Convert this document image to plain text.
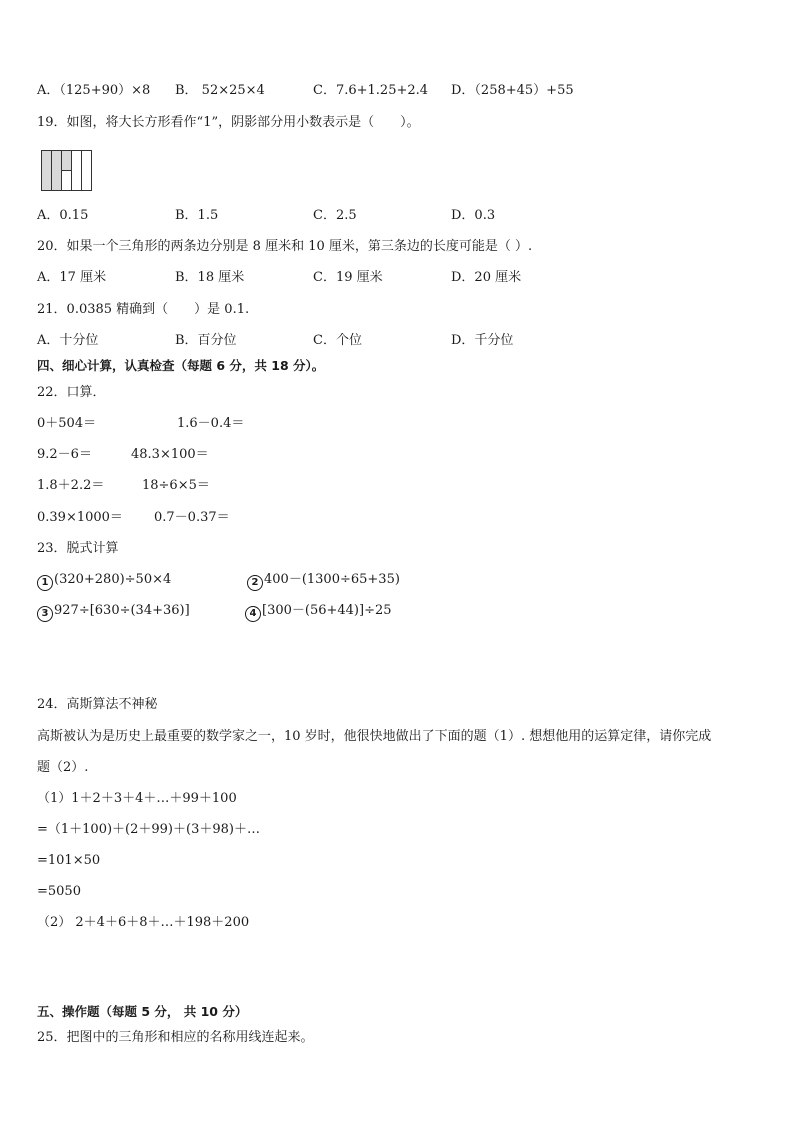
A．（125+90）×8 B． 52×25×4	C．7.6+1.25+2.4 D．（258+45）+55
19．如图，将大长方形看作“1”，阴影部分用小数表示是（　　）。
A．0.15	B．1.5	C．2.5	D．0.3
20．如果一个三角形的两条边分别是 8 厘米和 10 厘米，第三条边的长度可能是（ ）.
A．17 厘米	B．18 厘米	C．19 厘米	D．20 厘米
21．0.0385 精确到（　　）是 0.1.
A．十分位	B．百分位	C．个位	D．千分位
四、细心计算，认真检查（每题 6 分，共 18 分）。
22．口算．
0＋504＝	1.6－0.4＝
9.2－6＝	48.3×100＝
1.8＋2.2＝	18÷6×5＝
0.39×1000＝ 0.7－0.37＝
23．脱式计算
1 (320+280)÷50×4	2 400－(1300÷65+35)
3 927÷[630÷(34+36)]	4 [300－(56+44)]÷25
24．高斯算法不神秘
高斯被认为是历史上最重要的数学家之一，10 岁时，他很快地做出了下面的题（1）. 想想他用的运算定律，请你完成
题（2）.
（1）1＋2＋3＋4＋…＋99＋100
=（1＋100)＋(2＋99)＋(3＋98)＋…
=101×50
=5050
（2） 2＋4＋6＋8＋…＋198＋200
五、操作题（每题 5 分， 共 10 分）
25．把图中的三角形和相应的名称用线连起来。
